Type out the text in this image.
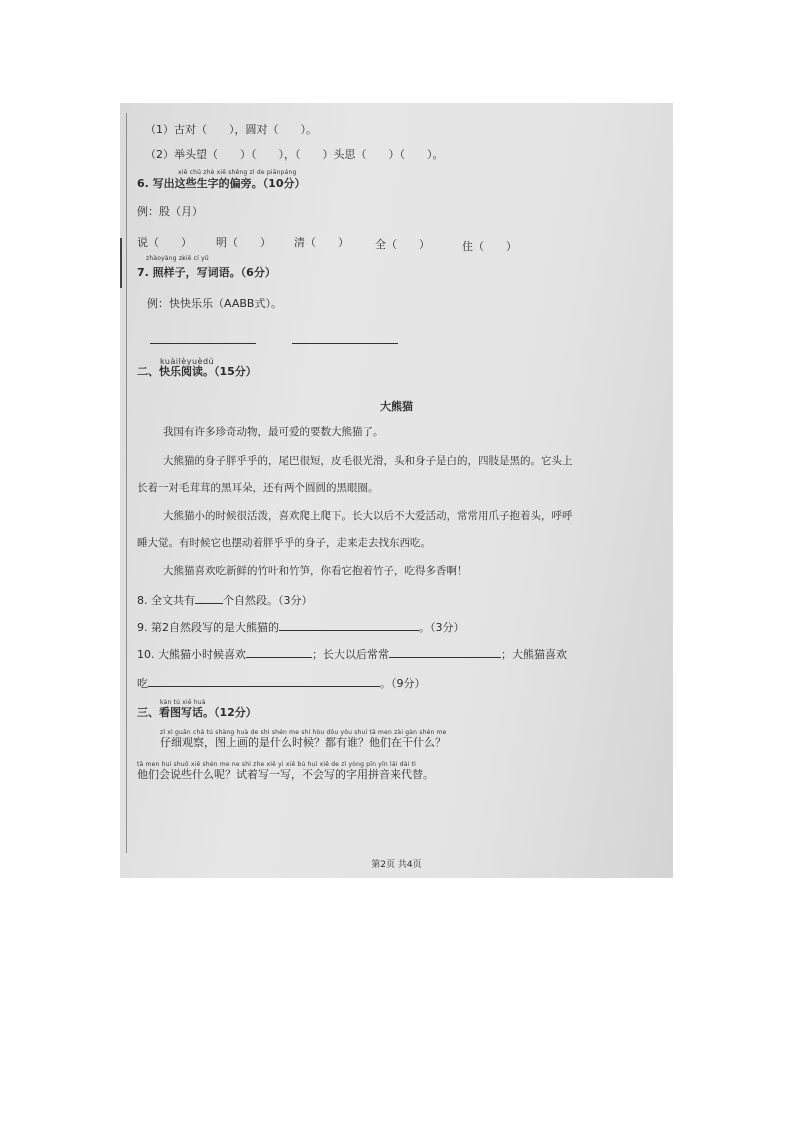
（1）古对（　　），圆对（　　）。
（2）举头望（　　）（　　），（　　）头思（　　）（　　）。
xiě chū zhè xiē shēng zì de piānpáng
6. 写出这些生字的偏旁。（10分）
例：股（月）
说（　　） 明（　　） 清（　　） 全（　　）	住（　　）
zhàoyàng zi
xiě cí yǔ
7. 照样子，写词语。（6分）
例：快快乐乐（AABB式）。
kuàilèyuèdú
二、快乐阅读。（15分）
大熊猫
我国有许多珍奇动物，最可爱的要数大熊猫了。
大熊猫的身子胖乎乎的，尾巴很短，皮毛很光滑，头和身子是白的，四肢是黑的。它头上
长着一对毛茸茸的黑耳朵，还有两个圆圆的黑眼圈。
大熊猫小的时候很活泼，喜欢爬上爬下。长大以后不大爱活动，常常用爪子抱着头，呼呼
睡大觉。有时候它也摆动着胖乎乎的身子，走来走去找东西吃。
大熊猫喜欢吃新鲜的竹叶和竹笋，你看它抱着竹子，吃得多香啊！
8. 全文共有	个自然段。（3分）
9. 第2自然段写的是大熊猫的	。（3分）
10. 大熊猫小时候喜欢	；长大以后常常	；大熊猫喜欢
吃	。（9分）
kàn tú xiě huà
三、看图写话。（12分）
zǐ xì guān chá tú shàng huà de shì shén me shí hòu dōu yǒu shuí tā men zài gàn shén me
仔细观察，图上画的是什么时候？都有谁？他们在干什么？
tā men huì shuō xiē shén me ne shì zhe xiě yi xiě bú huì xiě de zì yòng pīn yīn lái dài tì
他们会说些什么呢？试着写一写，不会写的字用拼音来代替。
第2页 共4页
